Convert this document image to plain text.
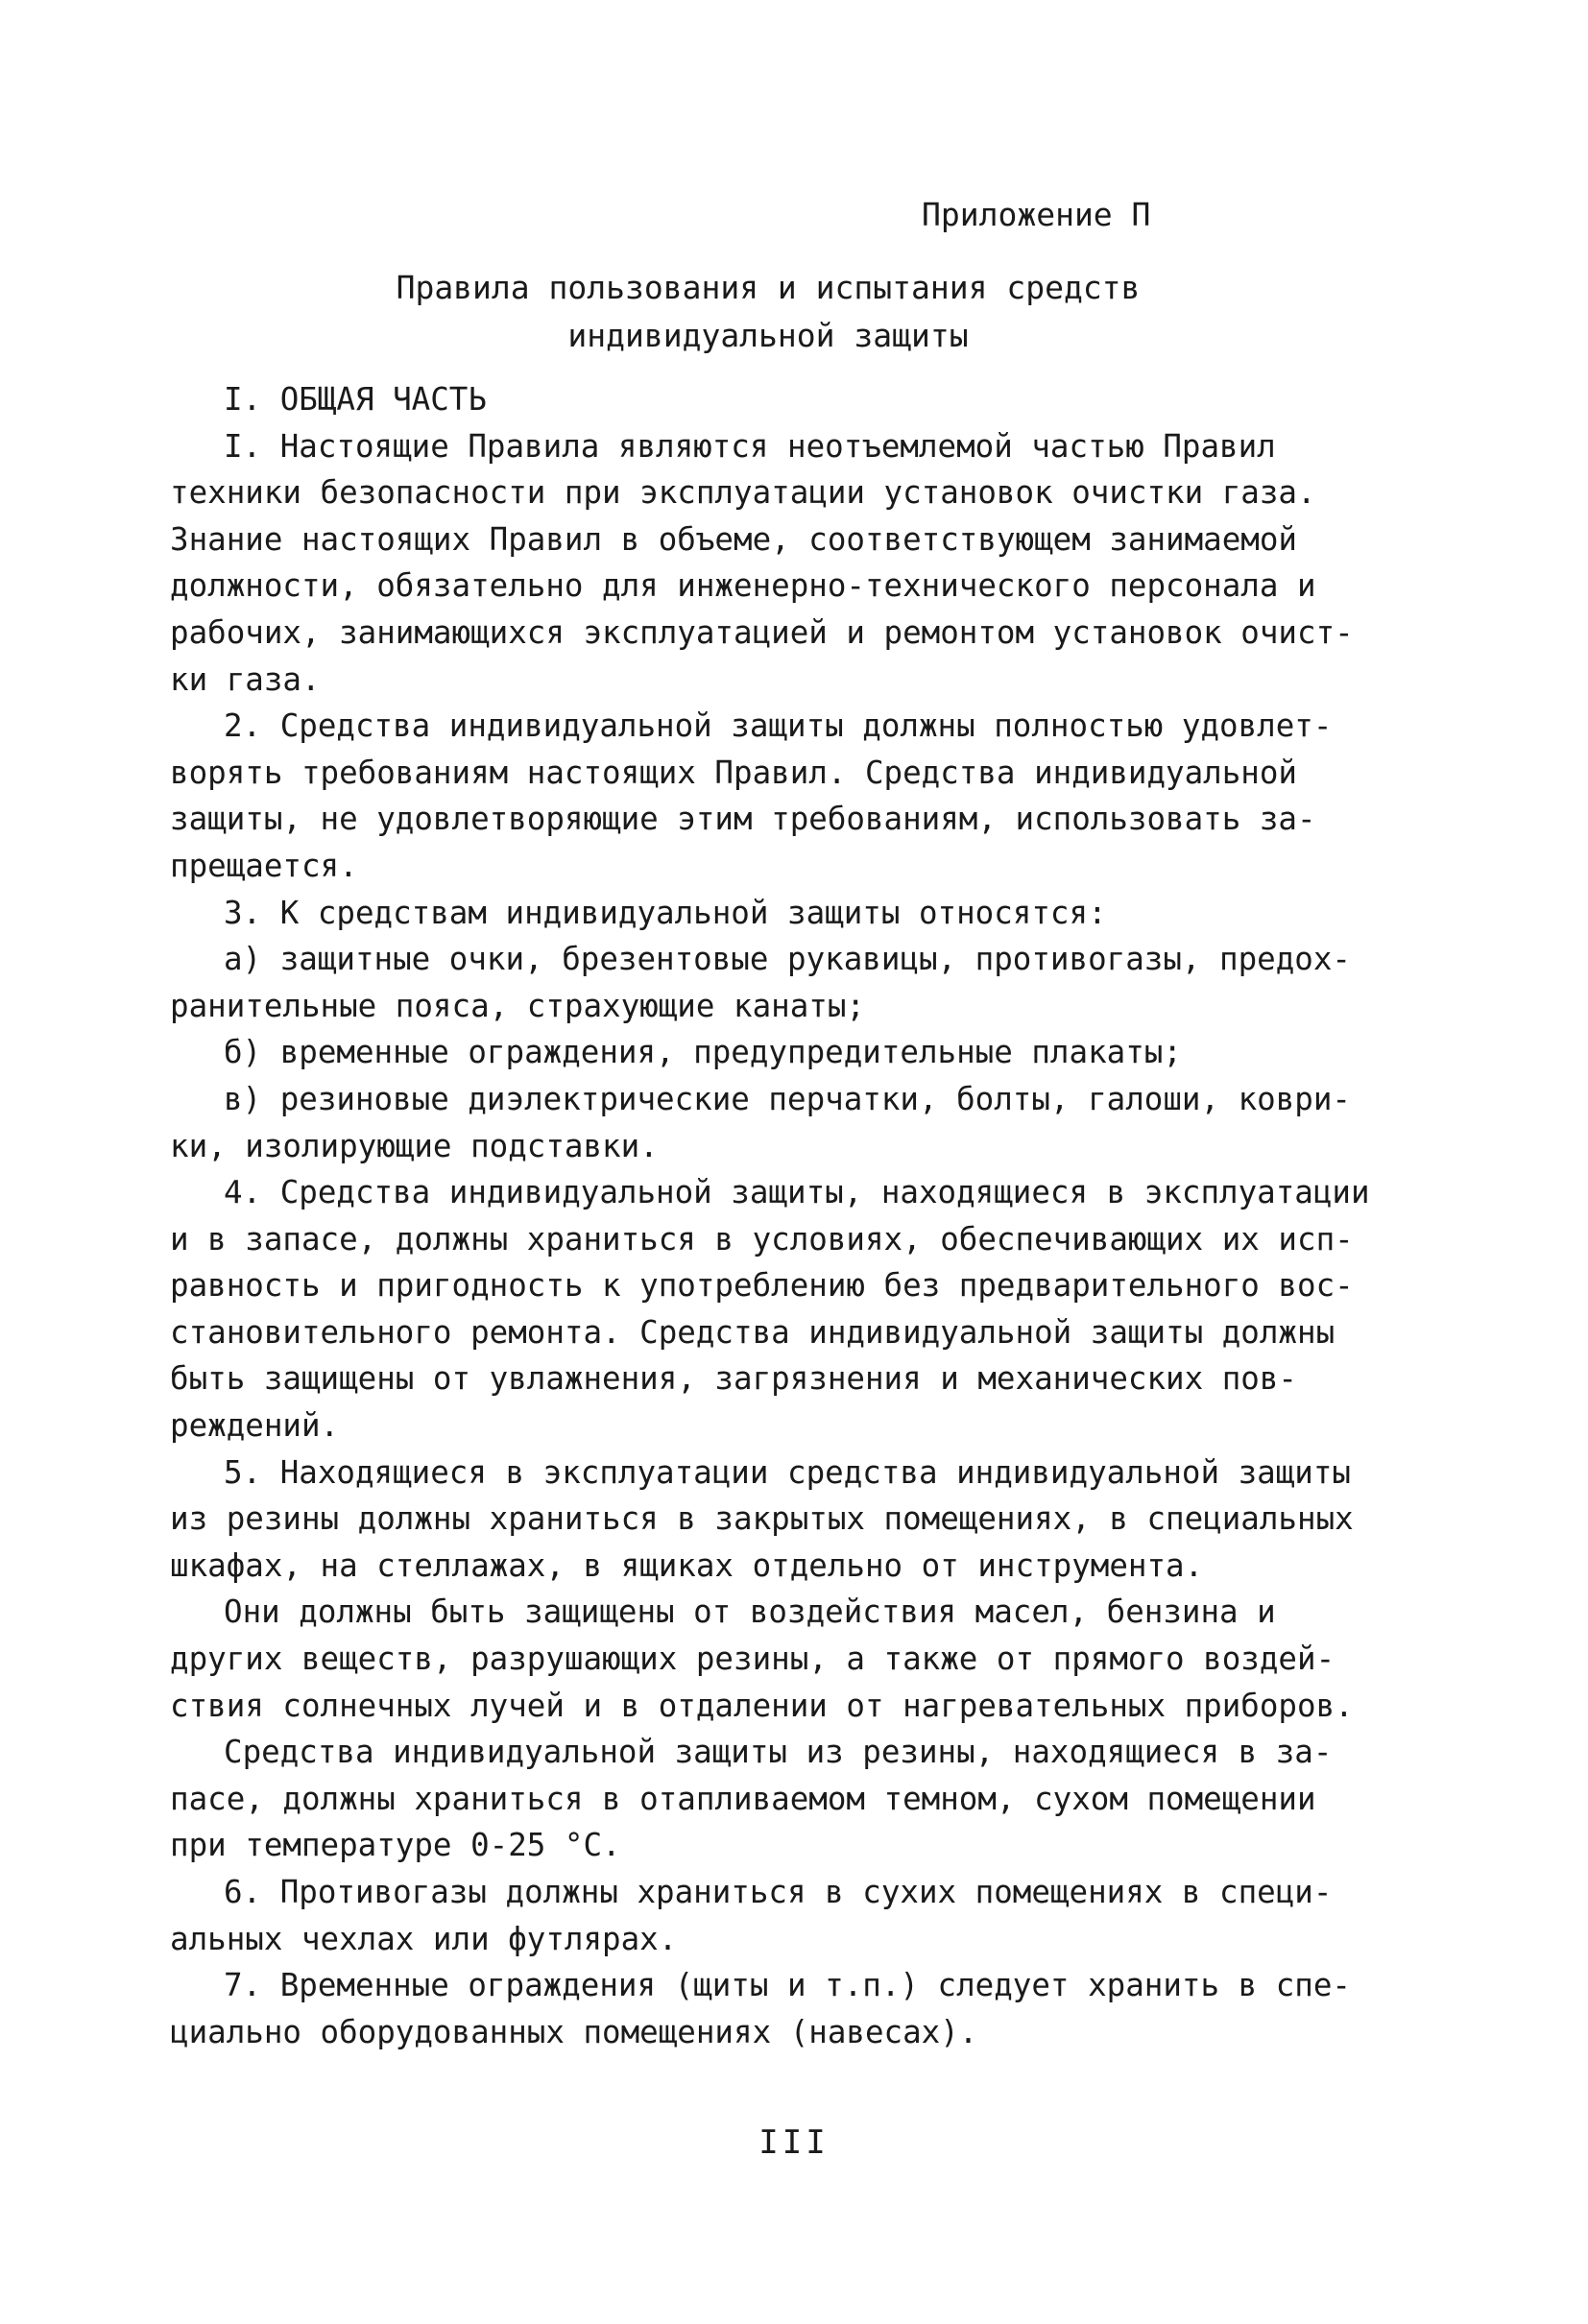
Приложение П
Правила пользования и испытания средств
индивидуальной защиты
I. ОБЩАЯ ЧАСТЬ
I. Настоящие Правила являются неотъемлемой частью Правил
техники безопасности при эксплуатации установок очистки газа.
Знание настоящих Правил в объеме, соответствующем занимаемой
должности, обязательно для инженерно-технического персонала и
рабочих, занимающихся эксплуатацией и ремонтом установок очист-
ки газа.
2. Средства индивидуальной защиты должны полностью удовлет-
ворять требованиям настоящих Правил. Средства индивидуальной
защиты, не удовлетворяющие этим требованиям, использовать за-
прещается.
3. К средствам индивидуальной защиты относятся:
а) защитные очки, брезентовые рукавицы, противогазы, предох-
ранительные пояса, страхующие канаты;
б) временные ограждения, предупредительные плакаты;
в) резиновые диэлектрические перчатки, болты, галоши, коври-
ки, изолирующие подставки.
4. Средства индивидуальной защиты, находящиеся в эксплуатации
и в запасе, должны храниться в условиях, обеспечивающих их исп-
равность и пригодность к употреблению без предварительного вос-
становительного ремонта. Средства индивидуальной защиты должны
быть защищены от увлажнения, загрязнения и механических пов-
реждений.
5. Находящиеся в эксплуатации средства индивидуальной защиты
из резины должны храниться в закрытых помещениях, в специальных
шкафах, на стеллажах, в ящиках отдельно от инструмента.
Они должны быть защищены от воздействия масел, бензина и
других веществ, разрушающих резины, а также от прямого воздей-
ствия солнечных лучей и в отдалении от нагревательных приборов.
Средства индивидуальной защиты из резины, находящиеся в за-
пасе, должны храниться в отапливаемом темном, сухом помещении
при температуре 0-25 °С.
6. Противогазы должны храниться в сухих помещениях в специ-
альных чехлах или футлярах.
7. Временные ограждения (щиты и т.п.) следует хранить в спе-
циально оборудованных помещениях (навесах).
III
